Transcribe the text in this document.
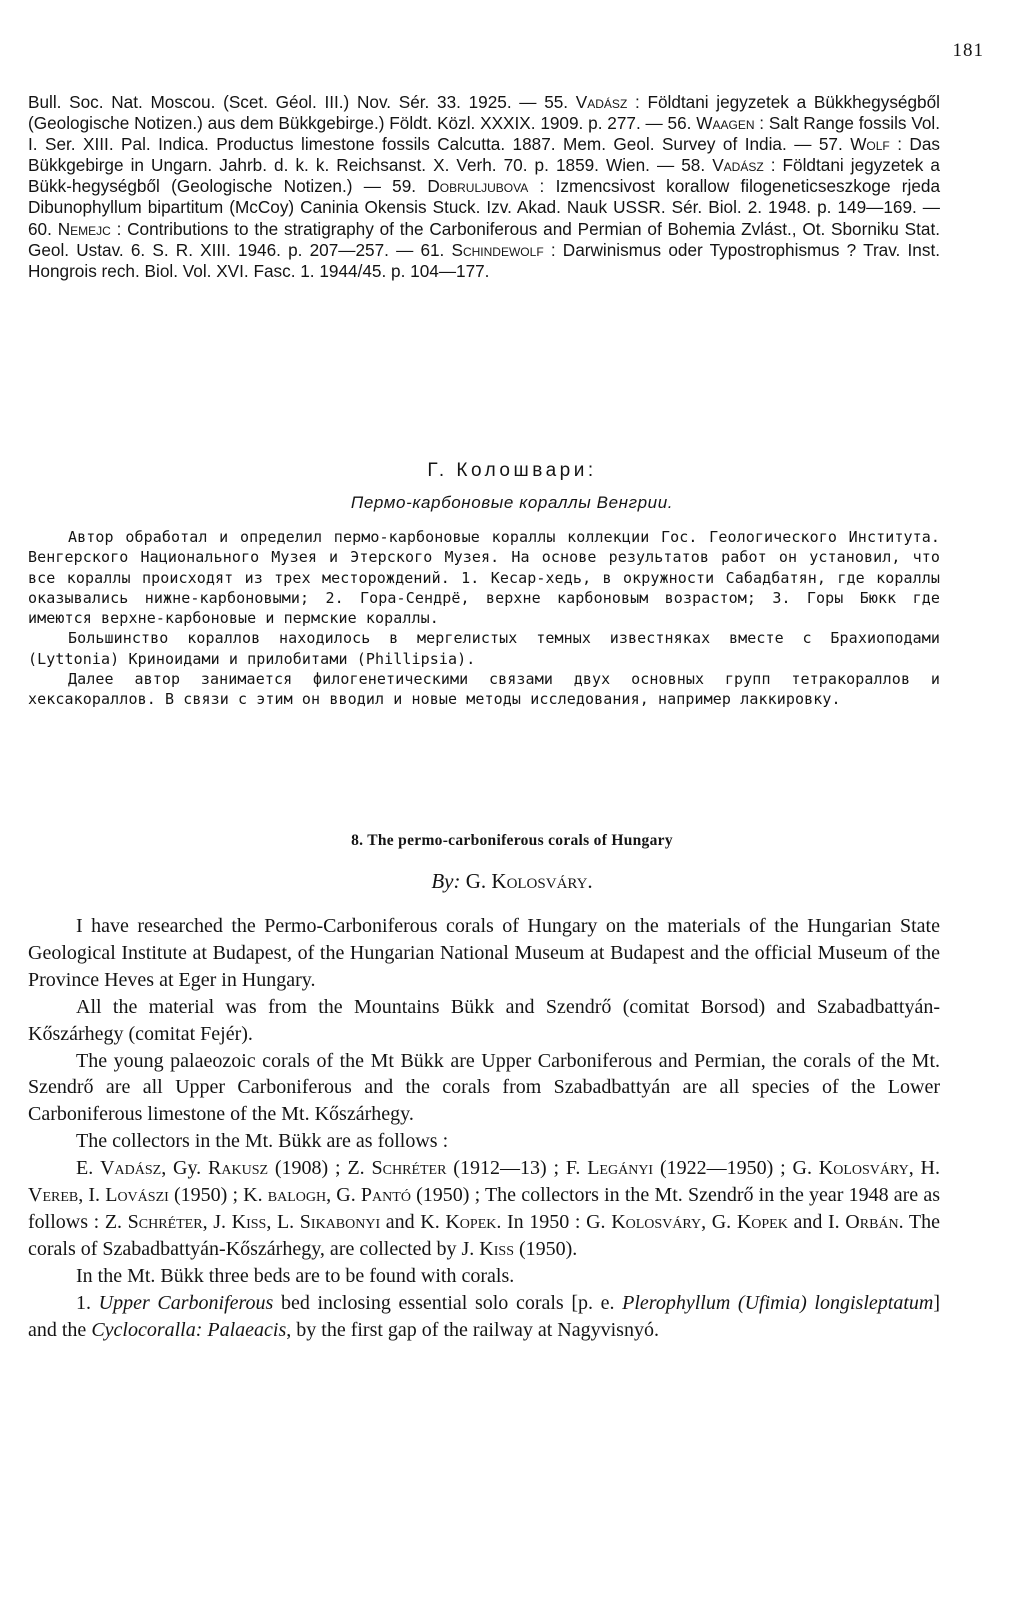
181
Bull. Soc. Nat. Moscou. (Scet. Géol. III.) Nov. Sér. 33. 1925. — 55. Vadász : Földtani jegyzetek a Bükkhegységből (Geologische Notizen.) aus dem Bükkgebirge.) Földt. Közl. XXXIX. 1909. p. 277. — 56. Waagen : Salt Range fossils Vol. I. Ser. XIII. Pal. Indica. Productus limestone fossils Calcutta. 1887. Mem. Geol. Survey of India. — 57. Wolf : Das Bükkgebirge in Ungarn. Jahrb. d. k. k. Reichsanst. X. Verh. 70. p. 1859. Wien. — 58. Vadász : Földtani jegyzetek a Bükk-hegységből (Geologische Notizen.) — 59. Dobruljubova : Izmencsivost korallow filogeneticseszkoge rjeda Dibunophyllum bipartitum (McCoy) Caninia Okensis Stuck. Izv. Akad. Nauk USSR. Sér. Biol. 2. 1948. p. 149—169. — 60. Nemejc : Contributions to the stratigraphy of the Carboniferous and Permian of Bohemia Zvlást., Ot. Sborniku Stat. Geol. Ustav. 6. S. R. XIII. 1946. p. 207—257. — 61. Schindewolf : Darwinismus oder Typostrophismus ? Trav. Inst. Hongrois rech. Biol. Vol. XVI. Fasc. 1. 1944/45. p. 104—177.
Г. Колошвари:
Пермо-карбоновые кораллы Венгрии.

Автор обработал и определил пермо-карбоновые кораллы коллекции Гос. Геологического Института. Венгерского Национального Музея и Этерского Музея. На основе результатов работ он установил, что все кораллы происходят из трех месторождений. 1. Кесар-хедь, в окружности Сабадбатян, где кораллы оказывались нижне-карбоновыми; 2. Гора-Сендрё, верхне карбоновым возрастом; 3. Горы Бюкк где имеются верхне-карбоновые и пермские кораллы.

Большинство кораллов находилось в мергелистых темных известняках вместе с Брахиоподами (Lyttonia) Криноидами и прилобитами (Phillipsia).

Далее автор занимается филогенетическими связами двух основных групп тетракораллов и хексакораллов. В связи с этим он вводил и новые методы исследования, например лаккировку.

8. The permo-carboniferous corals of Hungary
By: G. Kolosváry.

I have researched the Permo-Carboniferous corals of Hungary on the materials of the Hungarian State Geological Institute at Budapest, of the Hungarian National Museum at Budapest and the official Museum of the Province Heves at Eger in Hungary.

All the material was from the Mountains Bükk and Szendrő (comitat Borsod) and Szabadbattyán-Kőszárhegy (comitat Fejér).

The young palaeozoic corals of the Mt Bükk are Upper Carboniferous and Permian, the corals of the Mt. Szendrő are all Upper Carboniferous and the corals from Szabadbattyán are all species of the Lower Carboniferous limestone of the Mt. Kőszárhegy.

The collectors in the Mt. Bükk are as follows :

E. Vadász, Gy. Rakusz (1908) ; Z. Schréter (1912—13) ; F. Legányi (1922—1950) ; G. Kolosváry, H. Vereb, I. Lovászi (1950) ; K. balogh, G. Pantó (1950) ; The collectors in the Mt. Szendrő in the year 1948 are as follows : Z. Schréter, J. Kiss, L. Sikabonyi and K. Kopek. In 1950 : G. Kolosváry, G. Kopek and I. Orbán. The corals of Szabadbattyán-Kőszárhegy, are collected by J. Kiss (1950).

In the Mt. Bükk three beds are to be found with corals.

1. Upper Carboniferous bed inclosing essential solo corals [p. e. Plerophyllum (Ufimia) longisleptatum] and the Cyclocoralla: Palaeacis, by the first gap of the railway at Nagyvisnyó.
